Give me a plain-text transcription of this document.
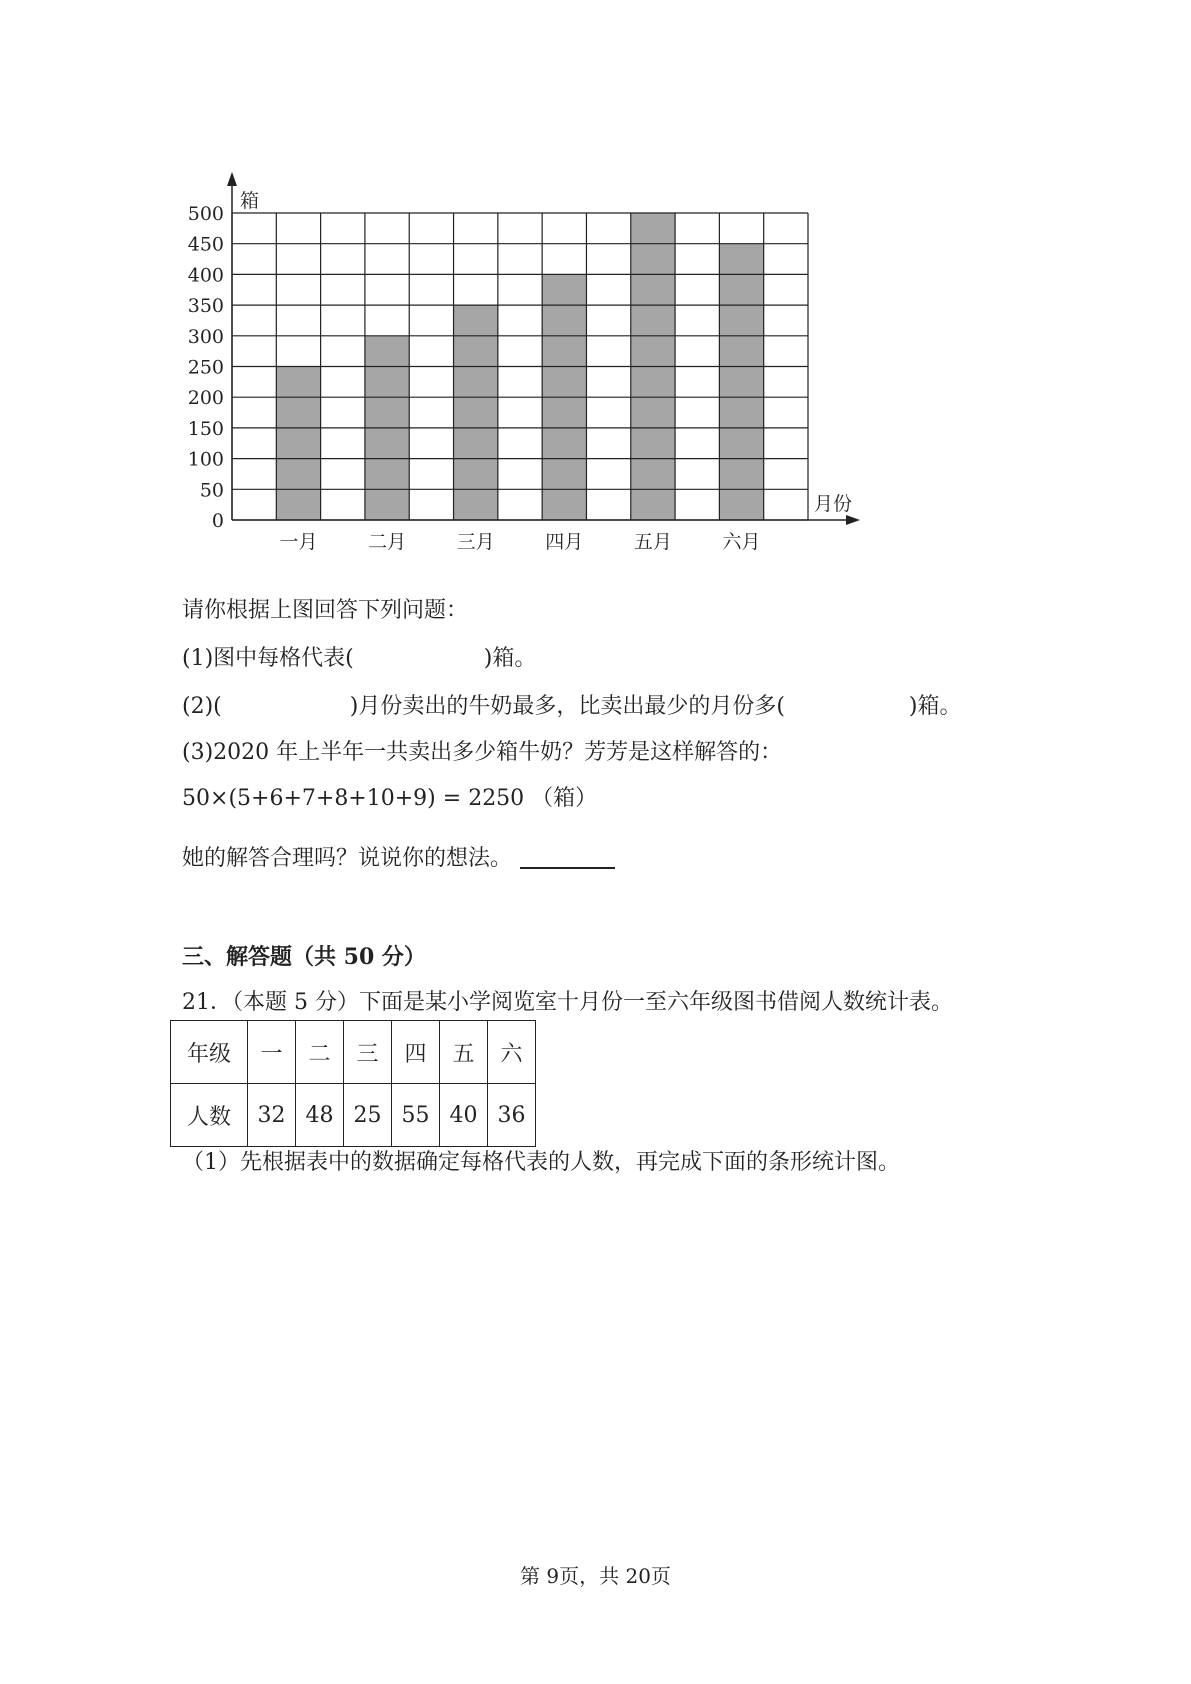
0
50
100
150
200
250
300
350
400
450
500
一月	二月	三月	四月	五月	六月
箱
月份
请你根据上图回答下列问题：
(1)图中每格代表(	)箱。
(2)(	)月份卖出的牛奶最多，比卖出最少的月份多(	)箱。
(3)2020 年上半年一共卖出多少箱牛奶？芳芳是这样解答的：
50×(5+6+7+8+10+9) = 2250 （箱）
她的解答合理吗？说说你的想法。
三、解答题（共 50 分）
21．（本题 5 分）下面是某小学阅览室十月份一至六年级图书借阅人数统计表。
年级	一	二	三	四	五	六
人数	32	48	25	55	40	36
（1）先根据表中的数据确定每格代表的人数，再完成下面的条形统计图。
第 9页，共 20页
